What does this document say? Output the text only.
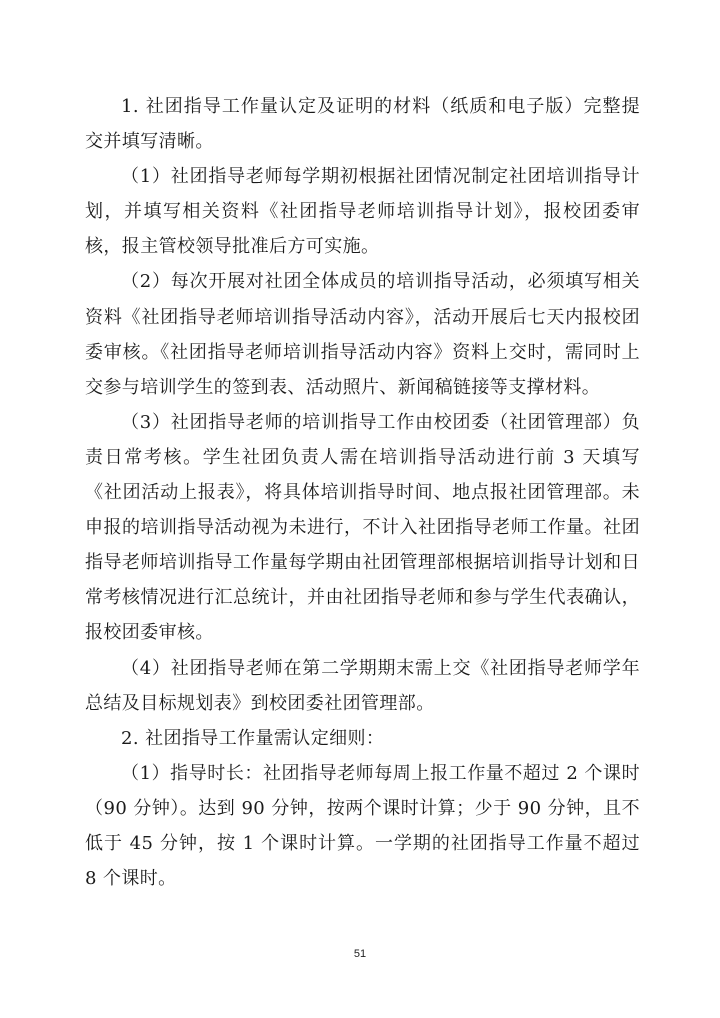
1. 社团指导工作量认定及证明的材料（纸质和电子版）完整提交并填写清晰。

（1）社团指导老师每学期初根据社团情况制定社团培训指导计划，并填写相关资料《社团指导老师培训指导计划》，报校团委审核，报主管校领导批准后方可实施。

（2）每次开展对社团全体成员的培训指导活动，必须填写相关资料《社团指导老师培训指导活动内容》，活动开展后七天内报校团委审核。《社团指导老师培训指导活动内容》资料上交时，需同时上交参与培训学生的签到表、活动照片、新闻稿链接等支撑材料。

（3）社团指导老师的培训指导工作由校团委（社团管理部）负责日常考核。学生社团负责人需在培训指导活动进行前 3 天填写《社团活动上报表》，将具体培训指导时间、地点报社团管理部。未申报的培训指导活动视为未进行，不计入社团指导老师工作量。社团指导老师培训指导工作量每学期由社团管理部根据培训指导计划和日常考核情况进行汇总统计，并由社团指导老师和参与学生代表确认，报校团委审核。

（4）社团指导老师在第二学期期末需上交《社团指导老师学年总结及目标规划表》到校团委社团管理部。

2. 社团指导工作量需认定细则：

（1）指导时长：社团指导老师每周上报工作量不超过 2 个课时（90 分钟）。达到 90 分钟，按两个课时计算；少于 90 分钟，且不低于 45 分钟，按 1 个课时计算。一学期的社团指导工作量不超过 8 个课时。

51
